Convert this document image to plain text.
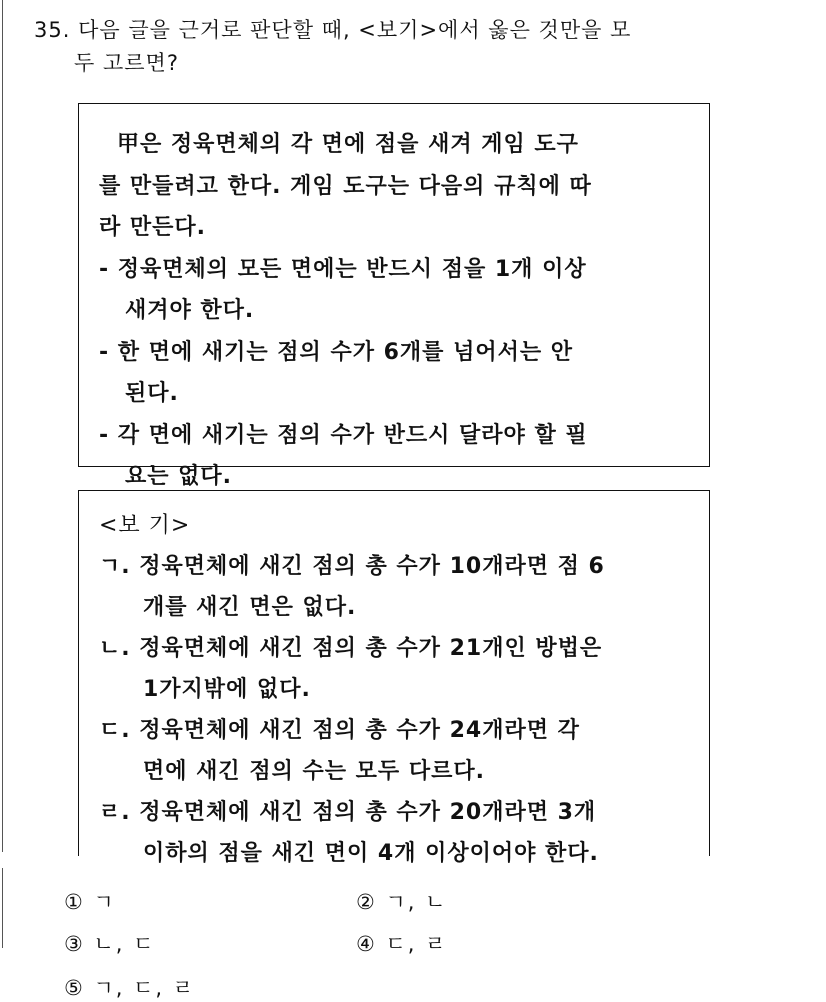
35. 다음 글을 근거로 판단할 때, <보기>에서 옳은 것만을 모
두 고르면?
甲은 정육면체의 각 면에 점을 새겨 게임 도구
를 만들려고 한다. 게임 도구는 다음의 규칙에 따
라 만든다.
- 정육면체의 모든 면에는 반드시 점을 1개 이상
새겨야 한다.
- 한 면에 새기는 점의 수가 6개를 넘어서는 안
된다.
- 각 면에 새기는 점의 수가 반드시 달라야 할 필
요는 없다.
<보 기>
ㄱ. 정육면체에 새긴 점의 총 수가 10개라면 점 6
개를 새긴 면은 없다.
ㄴ. 정육면체에 새긴 점의 총 수가 21개인 방법은
1가지밖에 없다.
ㄷ. 정육면체에 새긴 점의 총 수가 24개라면 각
면에 새긴 점의 수는 모두 다르다.
ㄹ. 정육면체에 새긴 점의 총 수가 20개라면 3개
이하의 점을 새긴 면이 4개 이상이어야 한다.
① ㄱ	② ㄱ, ㄴ
③ ㄴ, ㄷ	④ ㄷ, ㄹ
⑤ ㄱ, ㄷ, ㄹ
